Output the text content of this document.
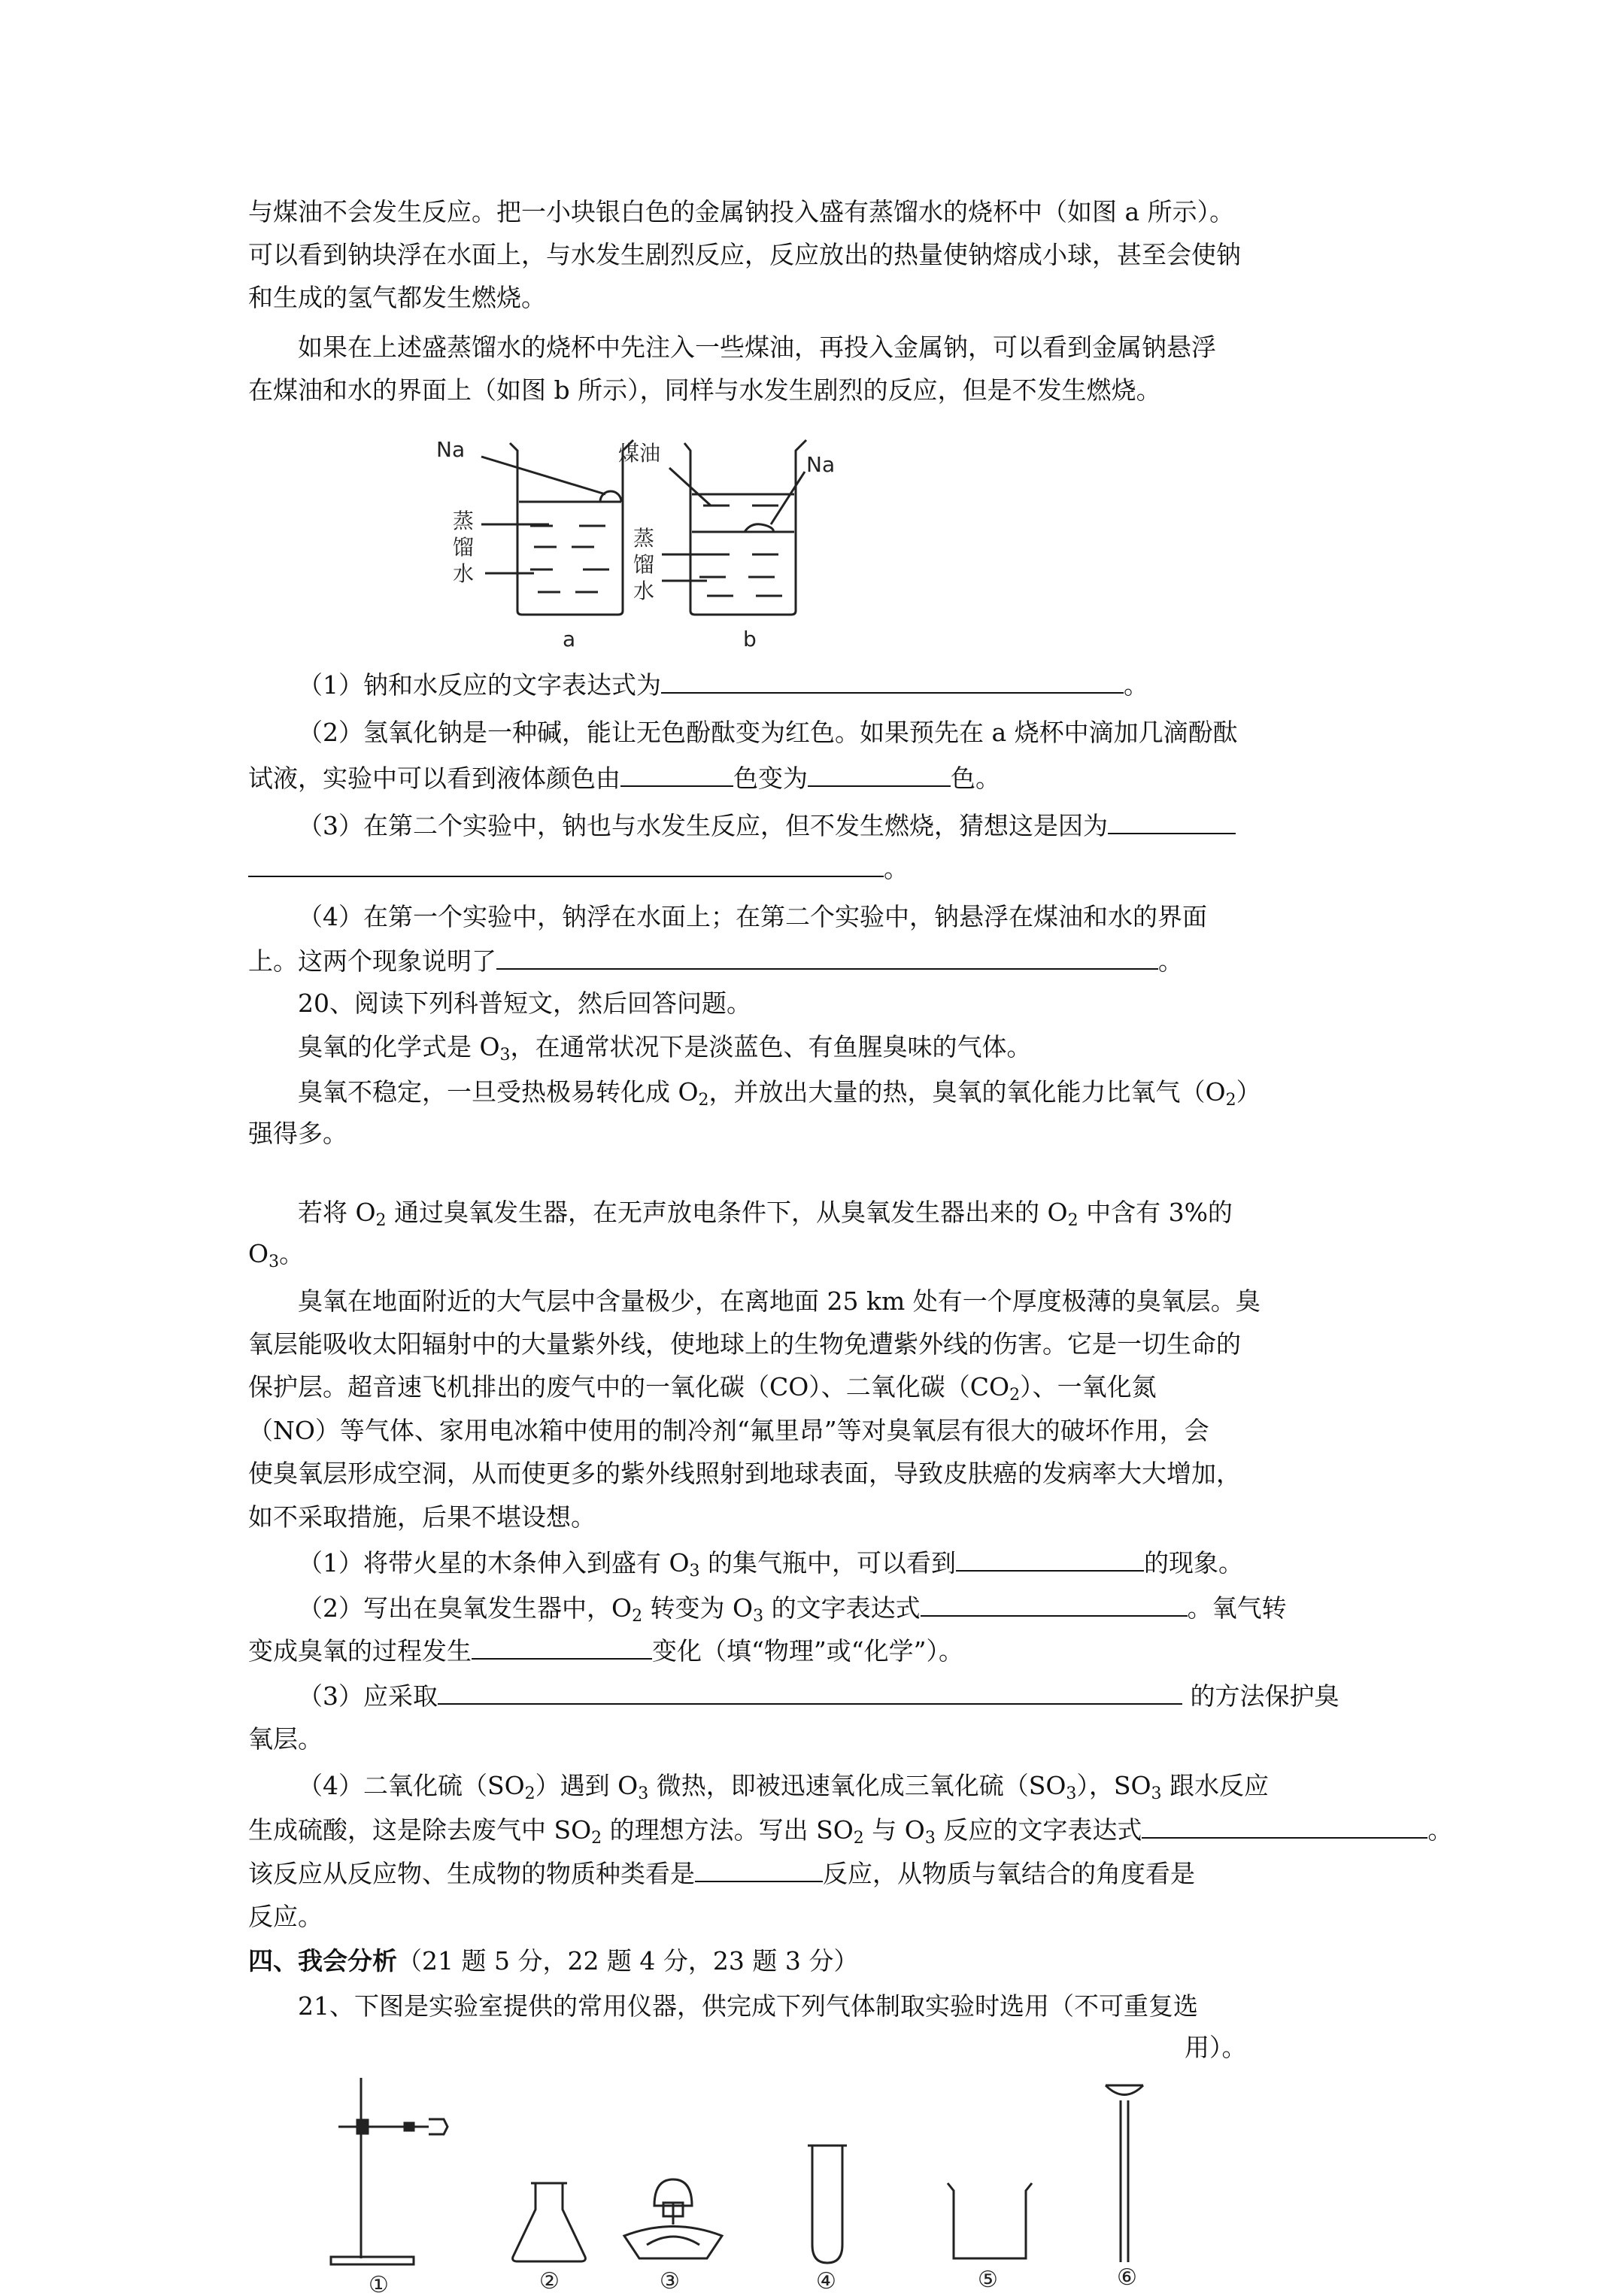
与煤油不会发生反应。把一小块银白色的金属钠投入盛有蒸馏水的烧杯中（如图 a 所示）。
可以看到钠块浮在水面上，与水发生剧烈反应，反应放出的热量使钠熔成小球，甚至会使钠
和生成的氢气都发生燃烧。
如果在上述盛蒸馏水的烧杯中先注入一些煤油，再投入金属钠，可以看到金属钠悬浮
在煤油和水的界面上（如图 b 所示），同样与水发生剧烈的反应，但是不发生燃烧。
Na
蒸
馏
水
a
煤油	Na
蒸
馏
水
b
（1）钠和水反应的文字表达式为	。
（2）氢氧化钠是一种碱，能让无色酚酞变为红色。如果预先在 a 烧杯中滴加几滴酚酞
试液，实验中可以看到液体颜色由	色变为	色。
（3）在第二个实验中，钠也与水发生反应，但不发生燃烧，猜想这是因为
。
（4）在第一个实验中，钠浮在水面上；在第二个实验中，钠悬浮在煤油和水的界面
上。这两个现象说明了	。
20、阅读下列科普短文，然后回答问题。
臭氧的化学式是 $O_3$，在通常状况下是淡蓝色、有鱼腥臭味的气体。
臭氧不稳定，一旦受热极易转化成 $O_2$，并放出大量的热，臭氧的氧化能力比氧气$(O_2)$
强得多。
若将 $O_2$ 通过臭氧发生器，在无声放电条件下，从臭氧发生器出来的 $O_2$ 中含有 3%的
$O_3$。
臭氧在地面附近的大气层中含量极少，在离地面 25 km 处有一个厚度极薄的臭氧层。臭
氧层能吸收太阳辐射中的大量紫外线，使地球上的生物免遭紫外线的伤害。它是一切生命的
保护层。超音速飞机排出的废气中的一氧化碳（CO）、二氧化碳$(CO_2)$、一氧化氮
（NO）等气体、家用电冰箱中使用的制冷剂“氟里昂”等对臭氧层有很大的破坏作用，会
使臭氧层形成空洞，从而使更多的紫外线照射到地球表面，导致皮肤癌的发病率大大增加，
如不采取措施，后果不堪设想。
（1）将带火星的木条伸入到盛有 $O_3$ 的集气瓶中，可以看到	的现象。
（2）写出在臭氧发生器中，$O_2$ 转变为 $O_3$ 的文字表达式	。氧气转
变成臭氧的过程发生	变化（填“物理”或“化学”）。
（3）应采取	的方法保护臭
氧层。
（4）二氧化硫$(SO_2)$遇到 $O_3$ 微热，即被迅速氧化成三氧化硫$(SO_3)$，$SO_3$ 跟水反应
生成硫酸，这是除去废气中 $SO_2$ 的理想方法。写出 $SO_2$ 与 $O_3$ 反应的文字表达式	。
该反应从反应物、生成物的物质种类看是	反应，从物质与氧结合的角度看是
反应。
四、我会分析（21 题 5 分，22 题 4 分，23 题 3 分）
21、下图是实验室提供的常用仪器，供完成下列气体制取实验时选用（不可重复选
用）。
①	②	③	④	⑤	⑥
